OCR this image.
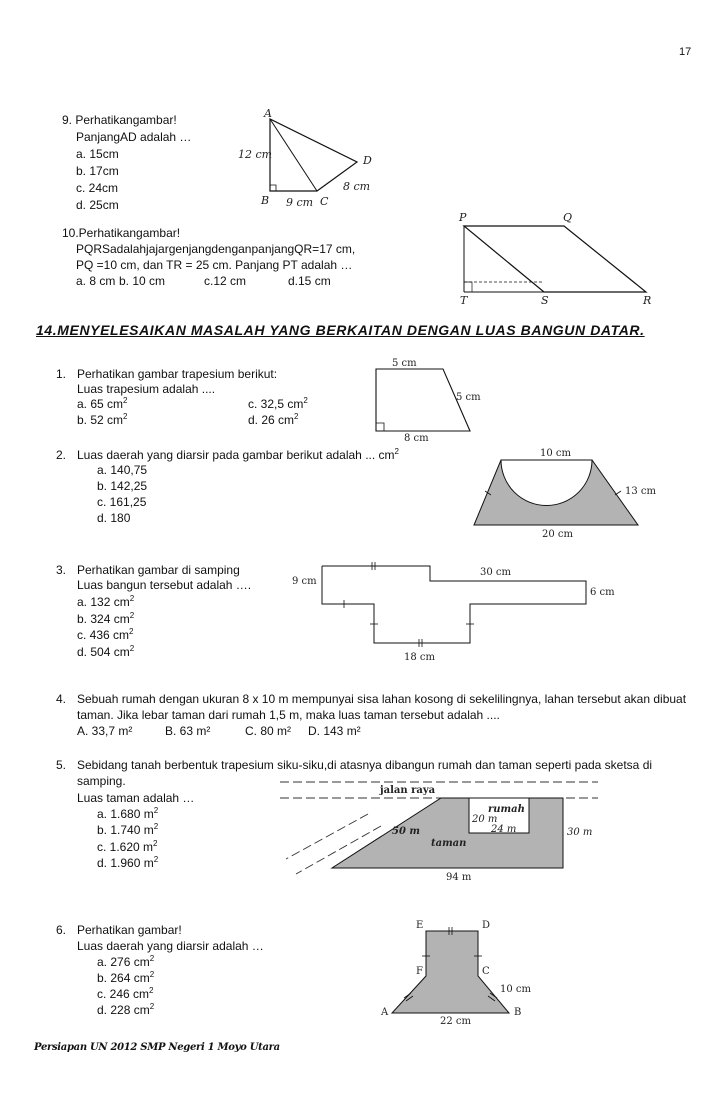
17
9. Perhatikangambar!
PanjangAD adalah …
a. 15cm
b. 17cm
c. 24cm
d. 25cm
A
B	C
D
12 cm
9 cm
8 cm
10.Perhatikangambar!
PQRSadalahjajargenjangdenganpanjangQR=17 cm,
PQ =10 cm, dan TR = 25 cm. Panjang PT adalah …
a. 8 cm b. 10 cm	c.12 cm	d.15 cm
P	Q
T	S	R
14.MENYELESAIKAN MASALAH YANG BERKAITAN DENGAN LUAS BANGUN DATAR.
1. Perhatikan gambar trapesium berikut:
Luas trapesium adalah ....
a. 65 $cm^2$	c. 32,5 $cm^2$
b. 52 $cm^2$	d. 26 $cm^2$
5 cm
5 cm
8 cm
2. Luas daerah yang diarsir pada gambar berikut adalah ... $cm^2$
a. 140,75
b. 142,25
c. 161,25
d. 180
10 cm
13 cm
20 cm
3. Perhatikan gambar di samping
Luas bangun tersebut adalah ….
a. 132 $cm^2$
b. 324 $cm^2$
c. 436 $cm^2$
d. 504 $cm^2$
9 cm
30 cm
6 cm
18 cm
4. Sebuah rumah dengan ukuran 8 x 10 m mempunyai sisa lahan kosong di sekelilingnya, lahan tersebut akan dibuat
taman. Jika lebar taman dari rumah 1,5 m, maka luas taman tersebut adalah ....
A. 33,7 m²	B. 63 m²	C. 80 m² D. 143 m²
5. Sebidang tanah berbentuk trapesium siku-siku,di atasnya dibangun rumah dan taman seperti pada sketsa di
samping.
Luas taman adalah …
a. 1.680 $m^2$
b. 1.740 $m^2$
c. 1.620 $m^2$
d. 1.960 $m^2$
jalan raya
rumah
20 m
24 m	30 m
50 m
taman
94 m
6. Perhatikan gambar!
Luas daerah yang diarsir adalah …
a. 276 $cm^2$
b. 264 $cm^2$
c. 246 $cm^2$
d. 228 $cm^2$
E	D
F	C
A	B
10 cm
22 cm
Persiapan UN 2012 SMP Negeri 1 Moyo Utara
